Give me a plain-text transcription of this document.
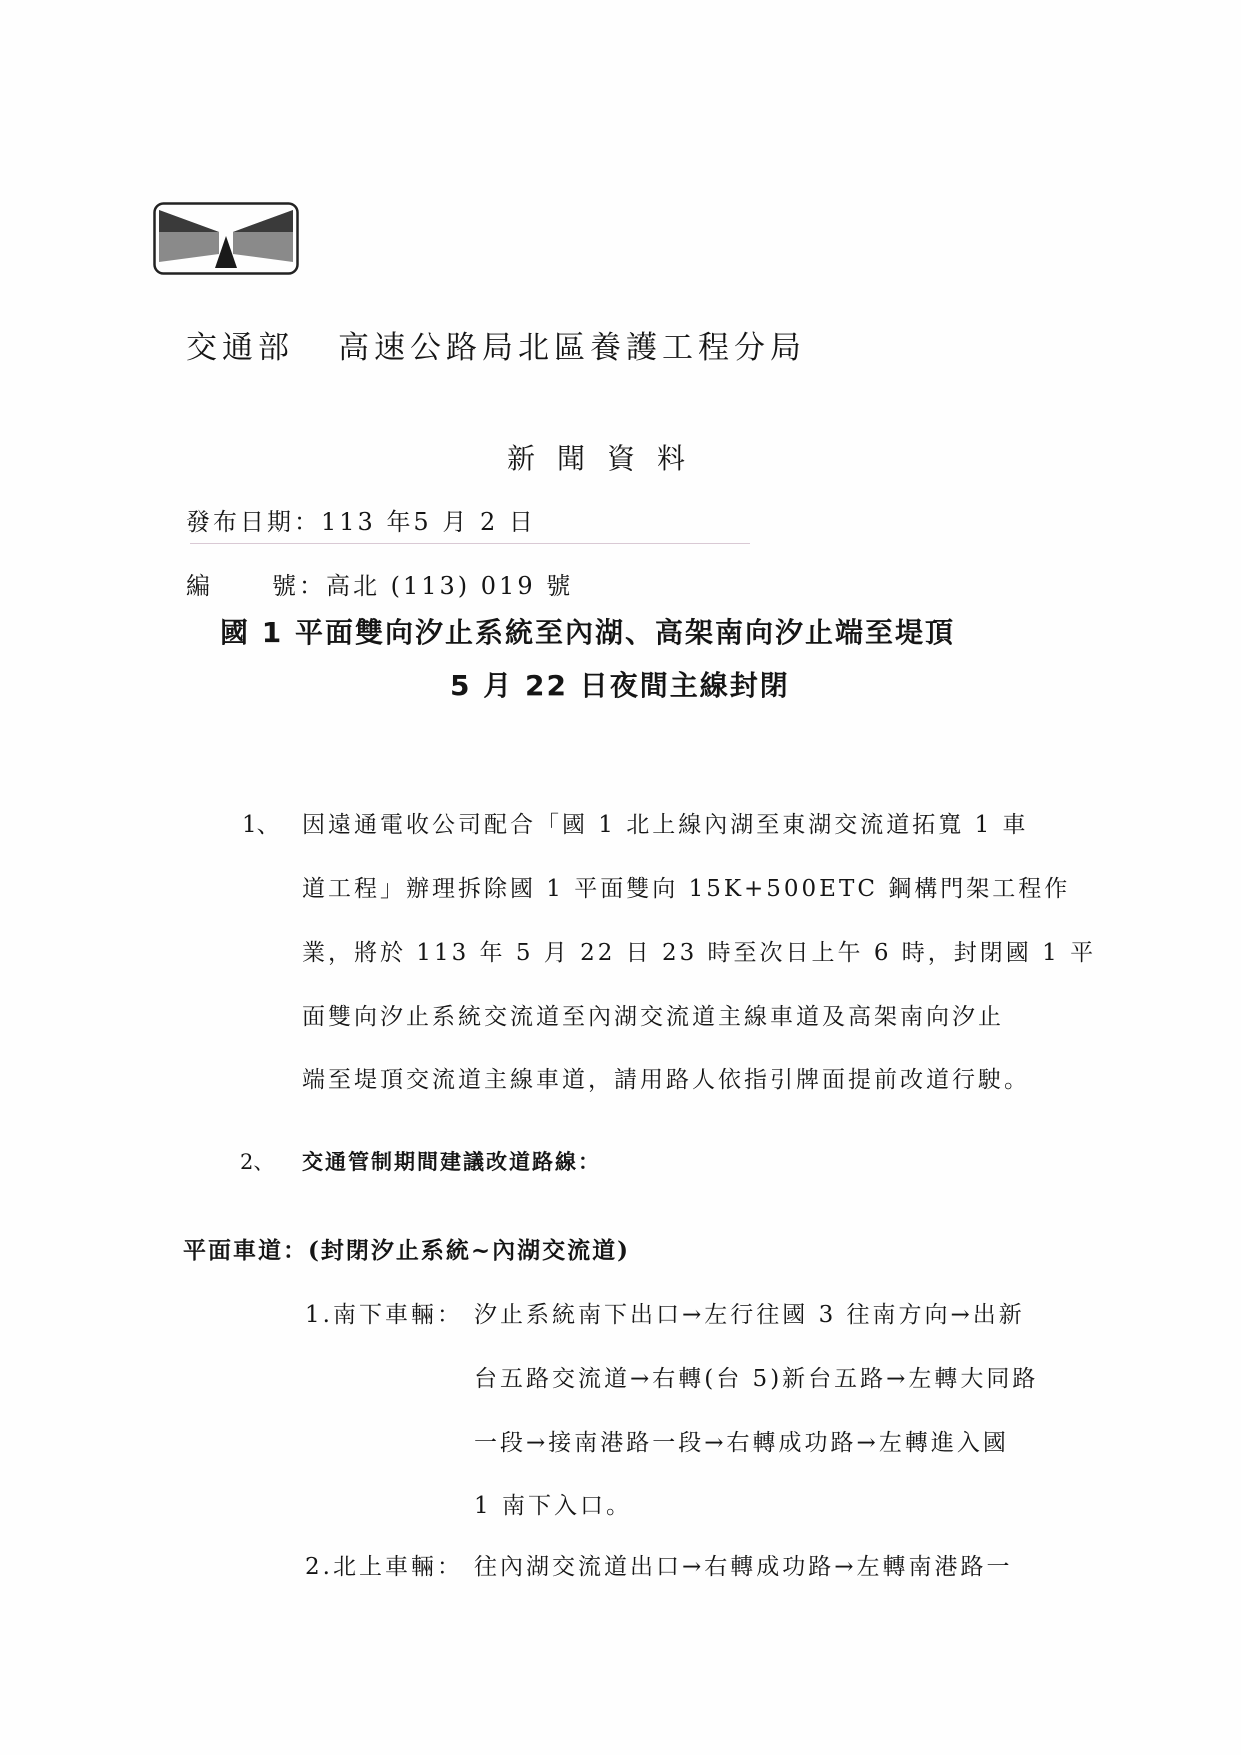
交通部 高速公路局北區養護工程分局
新聞資料
發布日期：113 年5 月 2 日
編 號：高北 (113) 019 號
國 1 平面雙向汐止系統至內湖、高架南向汐止端至堤頂
5 月 22 日夜間主線封閉
1、 因遠通電收公司配合「國 1 北上線內湖至東湖交流道拓寬 1 車
道工程」辦理拆除國 1 平面雙向 15K+500ETC 鋼構門架工程作
業，將於 113 年 5 月 22 日 23 時至次日上午 6 時，封閉國 1 平
面雙向汐止系統交流道至內湖交流道主線車道及高架南向汐止
端至堤頂交流道主線車道，請用路人依指引牌面提前改道行駛。
2、 交通管制期間建議改道路線：
平面車道：(封閉汐止系統~內湖交流道)
1.南下車輛： 汐止系統南下出口→左行往國 3 往南方向→出新
台五路交流道→右轉(台 5)新台五路→左轉大同路
一段→接南港路一段→右轉成功路→左轉進入國
1 南下入口。
2.北上車輛： 往內湖交流道出口→右轉成功路→左轉南港路一
